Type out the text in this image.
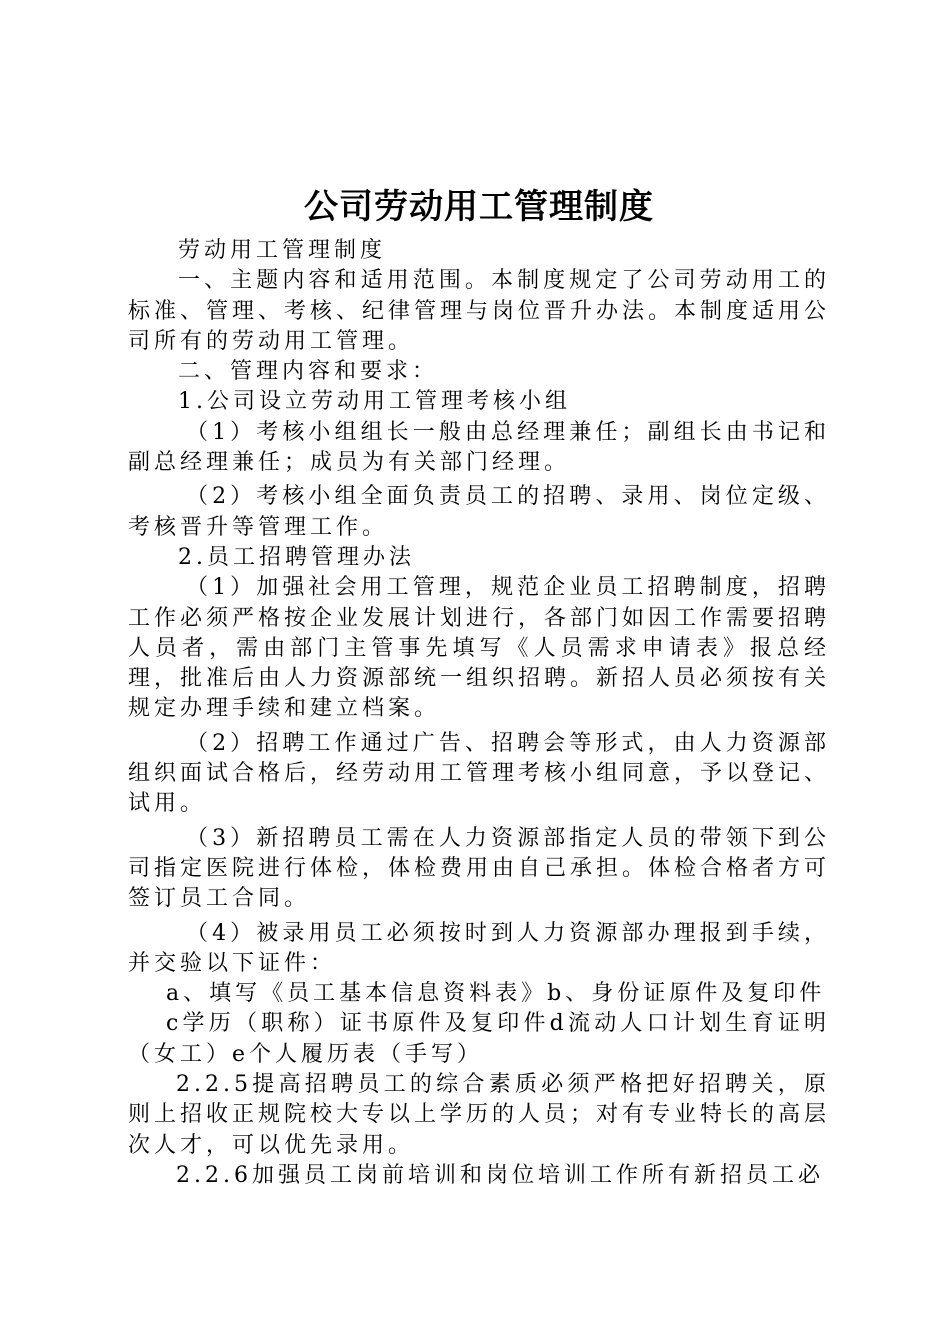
公司劳动用工管理制度

劳动用工管理制度

一、主题内容和适用范围。本制度规定了公司劳动用工的标准、管理、考核、纪律管理与岗位晋升办法。本制度适用公司所有的劳动用工管理。

二、管理内容和要求：

1.公司设立劳动用工管理考核小组

（1）考核小组组长一般由总经理兼任；副组长由书记和副总经理兼任；成员为有关部门经理。

（2）考核小组全面负责员工的招聘、录用、岗位定级、考核晋升等管理工作。

2.员工招聘管理办法

（1）加强社会用工管理，规范企业员工招聘制度，招聘工作必须严格按企业发展计划进行，各部门如因工作需要招聘人员者，需由部门主管事先填写《人员需求申请表》报总经理，批准后由人力资源部统一组织招聘。新招人员必须按有关规定办理手续和建立档案。

（2）招聘工作通过广告、招聘会等形式，由人力资源部组织面试合格后，经劳动用工管理考核小组同意，予以登记、试用。

（3）新招聘员工需在人力资源部指定人员的带领下到公司指定医院进行体检，体检费用由自己承担。体检合格者方可签订员工合同。

（4）被录用员工必须按时到人力资源部办理报到手续，并交验以下证件：

a、填写《员工基本信息资料表》b、身份证原件及复印件

c学历（职称）证书原件及复印件d流动人口计划生育证明（女工）e个人履历表（手写）

2.2.5提高招聘员工的综合素质必须严格把好招聘关，原则上招收正规院校大专以上学历的人员；对有专业特长的高层次人才，可以优先录用。

2.2.6加强员工岗前培训和岗位培训工作所有新招员工必
